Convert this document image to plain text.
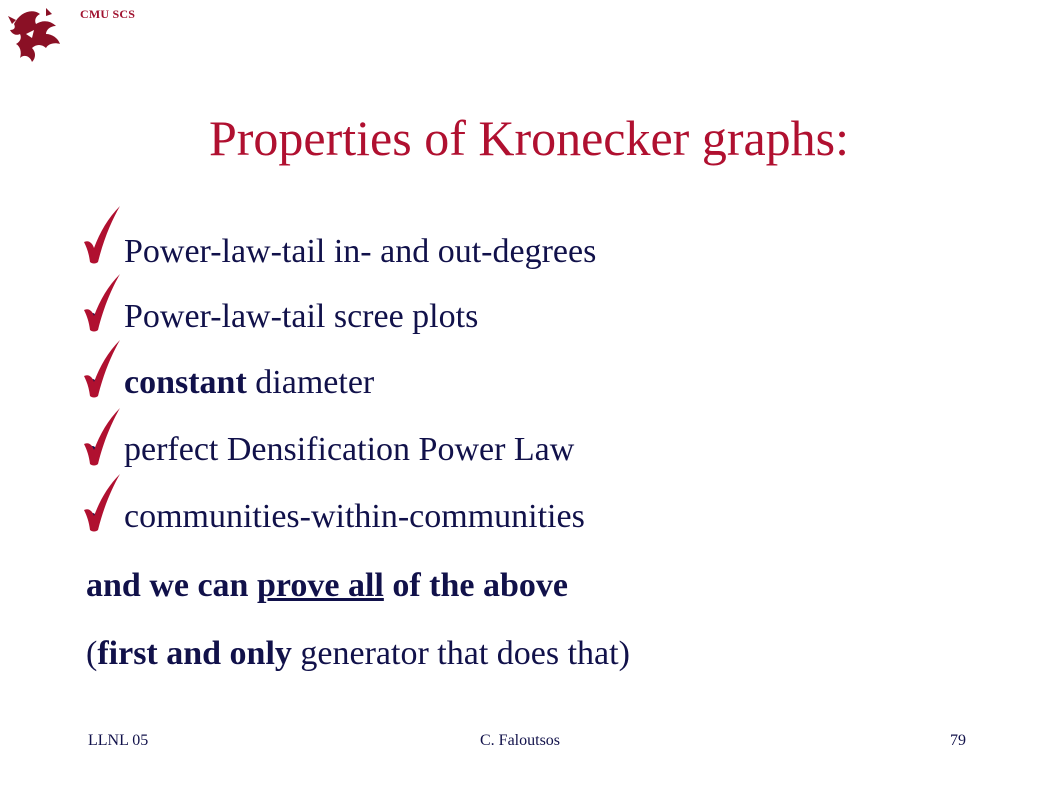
CMU SCS
Properties of Kronecker graphs:
Power-law-tail in- and out-degrees
Power-law-tail scree plots
constant diameter
perfect Densification Power Law
communities-within-communities
and we can prove all of the above
(first and only generator that does that)
LLNL 05	C. Faloutsos	79
